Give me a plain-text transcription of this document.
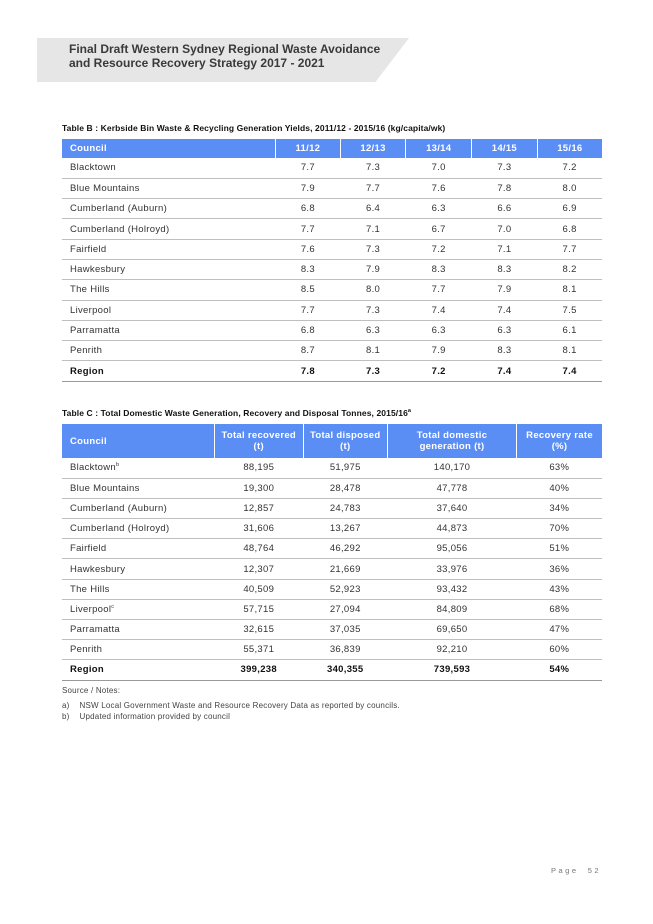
Final Draft Western Sydney Regional Waste Avoidance
and Resource Recovery Strategy 2017 - 2021
Table B : Kerbside Bin Waste & Recycling Generation Yields, 2011/12 - 2015/16 (kg/capita/wk)
Council	11/12	12/13	13/14	14/15	15/16
Blacktown	7.7	7.3	7.0	7.3	7.2
Blue Mountains	7.9	7.7	7.6	7.8	8.0
Cumberland (Auburn)	6.8	6.4	6.3	6.6	6.9
Cumberland (Holroyd)	7.7	7.1	6.7	7.0	6.8
Fairfield	7.6	7.3	7.2	7.1	7.7
Hawkesbury	8.3	7.9	8.3	8.3	8.2
The Hills	8.5	8.0	7.7	7.9	8.1
Liverpool	7.7	7.3	7.4	7.4	7.5
Parramatta	6.8	6.3	6.3	6.3	6.1
Penrith	8.7	8.1	7.9	8.3	8.1
Region	7.8	7.3	7.2	7.4	7.4
Table C : Total Domestic Waste Generation, Recovery and Disposal Tonnes, 2015/16$^a$
Council	Total recovered (t)	Total disposed (t)	Total domestic generation (t)	Recovery rate (%)
Blacktown$^b$	88,195	51,975	140,170	63%
Blue Mountains	19,300	28,478	47,778	40%
Cumberland (Auburn)	12,857	24,783	37,640	34%
Cumberland (Holroyd)	31,606	13,267	44,873	70%
Fairfield	48,764	46,292	95,056	51%
Hawkesbury	12,307	21,669	33,976	36%
The Hills	40,509	52,923	93,432	43%
Liverpool$^c$	57,715	27,094	84,809	68%
Parramatta	32,615	37,035	69,650	47%
Penrith	55,371	36,839	92,210	60%
Region	399,238	340,355	739,593	54%
Source / Notes:
a) NSW Local Government Waste and Resource Recovery Data as reported by councils.
b) Updated information provided by council
Page 52
